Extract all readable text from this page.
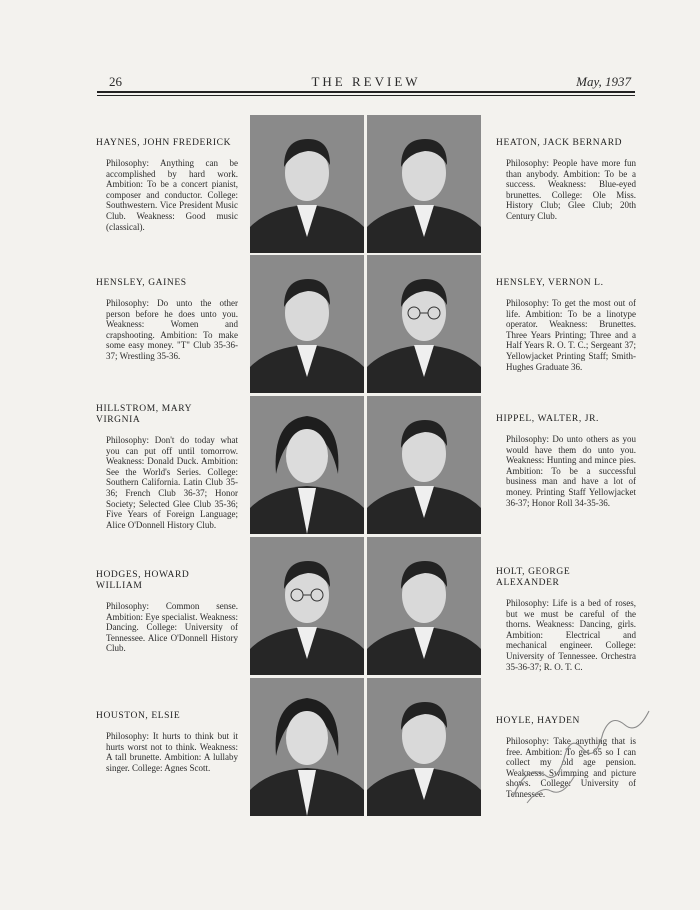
26	THE REVIEW	May, 1937
HAYNES, JOHN FREDERICK

Philosophy: Anything can be accomplished by hard work. Ambition: To be a concert pianist, composer and conductor. College: Southwestern. Vice President Music Club. Weakness: Good music (classical).

HEATON, JACK BERNARD

Philosophy: People have more fun than anybody. Ambition: To be a success. Weakness: Blue-eyed brunettes. College: Ole Miss. History Club; Glee Club; 20th Century Club.

HENSLEY, GAINES

Philosophy: Do unto the other person before he does unto you. Weakness: Women and crapshooting. Ambition: To make some easy money. "T" Club 35-36-37; Wrestling 35-36.

HENSLEY, VERNON L.

Philosophy: To get the most out of life. Ambition: To be a linotype operator. Weakness: Brunettes. Three Years Printing; Three and a Half Years R. O. T. C.; Sergeant 37; Yellowjacket Printing Staff; Smith-Hughes Graduate 36.

HILLSTROM, MARY VIRGNIA

Philosophy: Don't do today what you can put off until tomorrow. Weakness: Donald Duck. Ambition: See the World's Series. College: Southern California. Latin Club 35-36; French Club 36-37; Honor Society; Selected Glee Club 35-36; Five Years of Foreign Language; Alice O'Donnell History Club.

HIPPEL, WALTER, JR.

Philosophy: Do unto others as you would have them do unto you. Weakness: Hunting and mince pies. Ambition: To be a successful business man and have a lot of money. Printing Staff Yellowjacket 36-37; Honor Roll 34-35-36.

HODGES, HOWARD WILLIAM

Philosophy: Common sense. Ambition: Eye specialist. Weakness: Dancing. College: University of Tennessee. Alice O'Donnell History Club.

HOLT, GEORGE ALEXANDER

Philosophy: Life is a bed of roses, but we must be careful of the thorns. Weakness: Dancing, girls. Ambition: Electrical and mechanical engineer. College: University of Tennessee. Orchestra 35-36-37; R. O. T. C.

HOUSTON, ELSIE

Philosophy: It hurts to think but it hurts worst not to think. Weakness: A tall brunette. Ambition: A lullaby singer. College: Agnes Scott.

HOYLE, HAYDEN

Philosophy: Take anything that is free. Ambition: To get 65 so I can collect my old age pension. Weakness: Swimming and picture shows. College: University of Tennessee.
